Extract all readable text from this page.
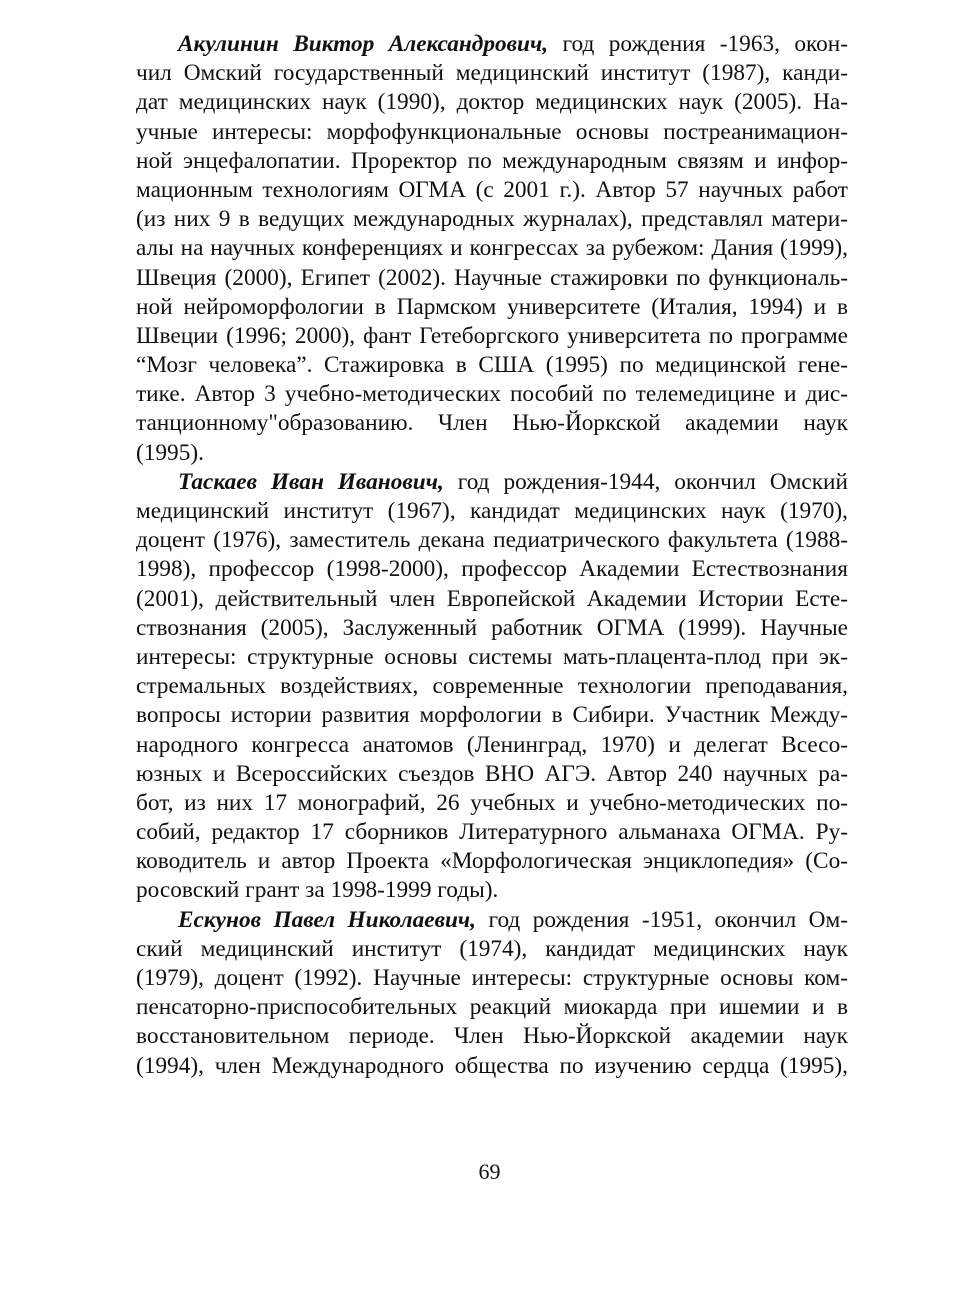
Акулинин Виктор Александрович, год рождения -1963, окон-
чил Омский государственный медицинский институт (1987), канди-
дат медицинских наук (1990), доктор медицинских наук (2005). На-
учные интересы: морфофункциональные основы постреанимацион-
ной энцефалопатии. Проректор по международным связям и инфор-
мационным технологиям ОГМА (с 2001 г.). Автор 57 научных работ
(из них 9 в ведущих международных журналах), представлял матери-
алы на научных конференциях и конгрессах за рубежом: Дания (1999),
Швеция (2000), Египет (2002). Научные стажировки по функциональ-
ной нейроморфологии в Пармском университете (Италия, 1994) и в
Швеции (1996; 2000), фант Гетеборгского университета по программе
“Мозг человека”. Стажировка в США (1995) по медицинской гене-
тике. Автор 3 учебно-методических пособий по телемедицине и дис-
танционному"образованию. Член Нью-Йоркской академии наук
(1995).
Таскаев Иван Иванович, год рождения-1944, окончил Омский
медицинский институт (1967), кандидат медицинских наук (1970),
доцент (1976), заместитель декана педиатрического факультета (1988-
1998), профессор (1998-2000), профессор Академии Естествознания
(2001), действительный член Европейской Академии Истории Есте-
ствознания (2005), Заслуженный работник ОГМА (1999). Научные
интересы: структурные основы системы мать-плацента-плод при эк-
стремальных воздействиях, современные технологии преподавания,
вопросы истории развития морфологии в Сибири. Участник Между-
народного конгресса анатомов (Ленинград, 1970) и делегат Всесо-
юзных и Всероссийских съездов ВНО АГЭ. Автор 240 научных ра-
бот, из них 17 монографий, 26 учебных и учебно-методических по-
собий, редактор 17 сборников Литературного альманаха ОГМА. Ру-
ководитель и автор Проекта «Морфологическая энциклопедия» (Со-
росовский грант за 1998-1999 годы).
Ескунов Павел Николаевич, год рождения -1951, окончил Ом-
ский медицинский институт (1974), кандидат медицинских наук
(1979), доцент (1992). Научные интересы: структурные основы ком-
пенсаторно-приспособительных реакций миокарда при ишемии и в
восстановительном периоде. Член Нью-Йоркской академии наук
(1994), член Международного общества по изучению сердца (1995),
69
